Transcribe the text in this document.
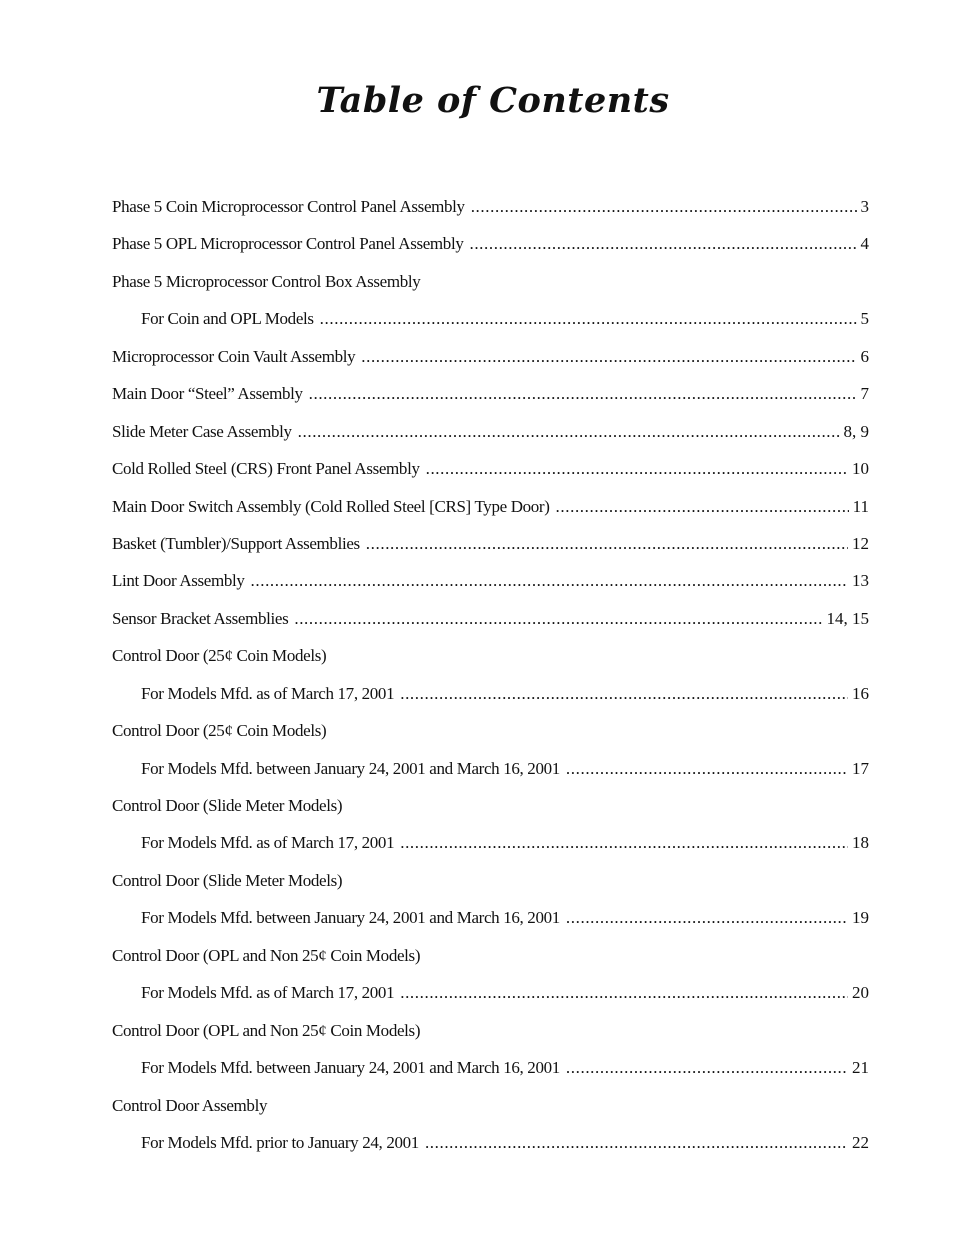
Table of Contents
Phase 5 Coin Microprocessor Control Panel Assembly .....	3
Phase 5 OPL Microprocessor Control Panel Assembly .....	4
Phase 5 Microprocessor Control Box Assembly
For Coin and OPL Models .....	5
Microprocessor Coin Vault Assembly .....	6
Main Door “Steel” Assembly .....	7
Slide Meter Case Assembly .....	8, 9
Cold Rolled Steel (CRS) Front Panel Assembly .....	10
Main Door Switch Assembly (Cold Rolled Steel [CRS] Type Door) .....	11
Basket (Tumbler)/Support Assemblies .....	12
Lint Door Assembly .....	13
Sensor Bracket Assemblies .....	14, 15
Control Door (25¢ Coin Models)
For Models Mfd. as of March 17, 2001 .....	16
Control Door (25¢ Coin Models)
For Models Mfd. between January 24, 2001 and March 16, 2001 .....	17
Control Door (Slide Meter Models)
For Models Mfd. as of March 17, 2001 .....	18
Control Door (Slide Meter Models)
For Models Mfd. between January 24, 2001 and March 16, 2001 .....	19
Control Door (OPL and Non 25¢ Coin Models)
For Models Mfd. as of March 17, 2001 .....	20
Control Door (OPL and Non 25¢ Coin Models)
For Models Mfd. between January 24, 2001 and March 16, 2001 .....	21
Control Door Assembly
For Models Mfd. prior to January 24, 2001 .....	22
